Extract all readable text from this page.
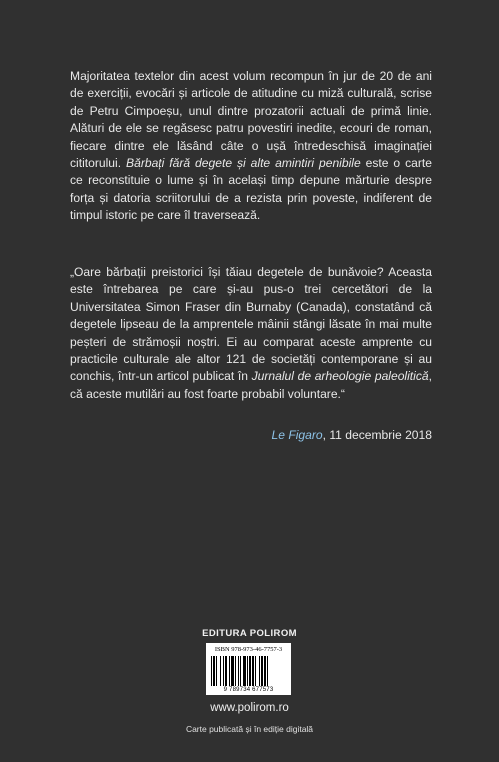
Majoritatea textelor din acest volum recompun în jur de 20 de ani de exerciții, evocări și articole de atitudine cu miză culturală, scrise de Petru Cimpoeșu, unul dintre prozatorii actuali de primă linie. Alături de ele se regăsesc patru povestiri inedite, ecouri de roman, fiecare dintre ele lăsând câte o ușă întredeschisă imaginației cititorului. Bărbați fără degete și alte amintiri penibile este o carte ce reconstituie o lume și în același timp depune mărturie despre forța și datoria scriitorului de a rezista prin poveste, indiferent de timpul istoric pe care îl traversează.

„Oare bărbații preistorici își tăiau degetele de bunăvoie? Aceasta este întrebarea pe care și-au pus-o trei cercetători de la Universitatea Simon Fraser din Burnaby (Canada), constatând că degetele lipseau de la amprentele mâinii stângi lăsate în mai multe peșteri de strămoșii noștri. Ei au comparat aceste amprente cu practicile culturale ale altor 121 de societăți contemporane și au conchis, într-un articol publicat în Jurnalul de arheologie paleolitică, că aceste mutilări au fost foarte probabil voluntare.“

Le Figaro, 11 decembrie 2018
EDITURA POLIROM
ISBN 978-973-46-7757-3
9 789734 677573
www.polirom.ro
Carte publicată și în ediție digitală
